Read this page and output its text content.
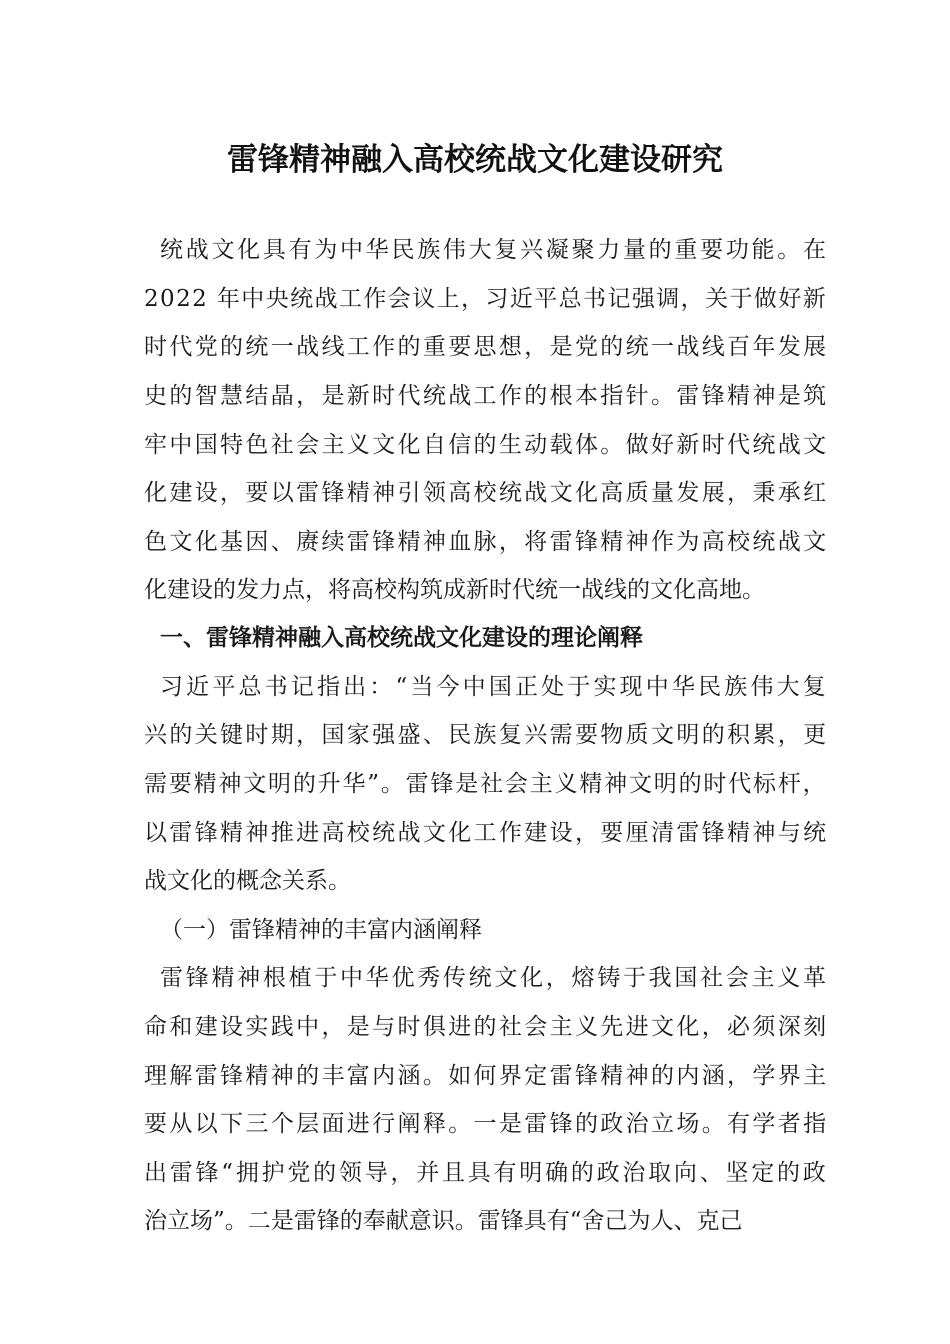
雷锋精神融入高校统战文化建设研究
统战文化具有为中华民族伟大复兴凝聚力量的重要功能。在
2022 年中央统战工作会议上，习近平总书记强调，关于做好新
时代党的统一战线工作的重要思想，是党的统一战线百年发展
史的智慧结晶，是新时代统战工作的根本指针。雷锋精神是筑
牢中国特色社会主义文化自信的生动载体。做好新时代统战文
化建设，要以雷锋精神引领高校统战文化高质量发展，秉承红
色文化基因、赓续雷锋精神血脉，将雷锋精神作为高校统战文
化建设的发力点，将高校构筑成新时代统一战线的文化高地。
一、雷锋精神融入高校统战文化建设的理论阐释
习近平总书记指出：“当今中国正处于实现中华民族伟大复
兴的关键时期，国家强盛、民族复兴需要物质文明的积累，更
需要精神文明的升华”。雷锋是社会主义精神文明的时代标杆，
以雷锋精神推进高校统战文化工作建设，要厘清雷锋精神与统
战文化的概念关系。
（一）雷锋精神的丰富内涵阐释
雷锋精神根植于中华优秀传统文化，熔铸于我国社会主义革
命和建设实践中，是与时俱进的社会主义先进文化，必须深刻
理解雷锋精神的丰富内涵。如何界定雷锋精神的内涵，学界主
要从以下三个层面进行阐释。一是雷锋的政治立场。有学者指
出雷锋“拥护党的领导，并且具有明确的政治取向、坚定的政
治立场”。二是雷锋的奉献意识。雷锋具有“舍己为人、克己
